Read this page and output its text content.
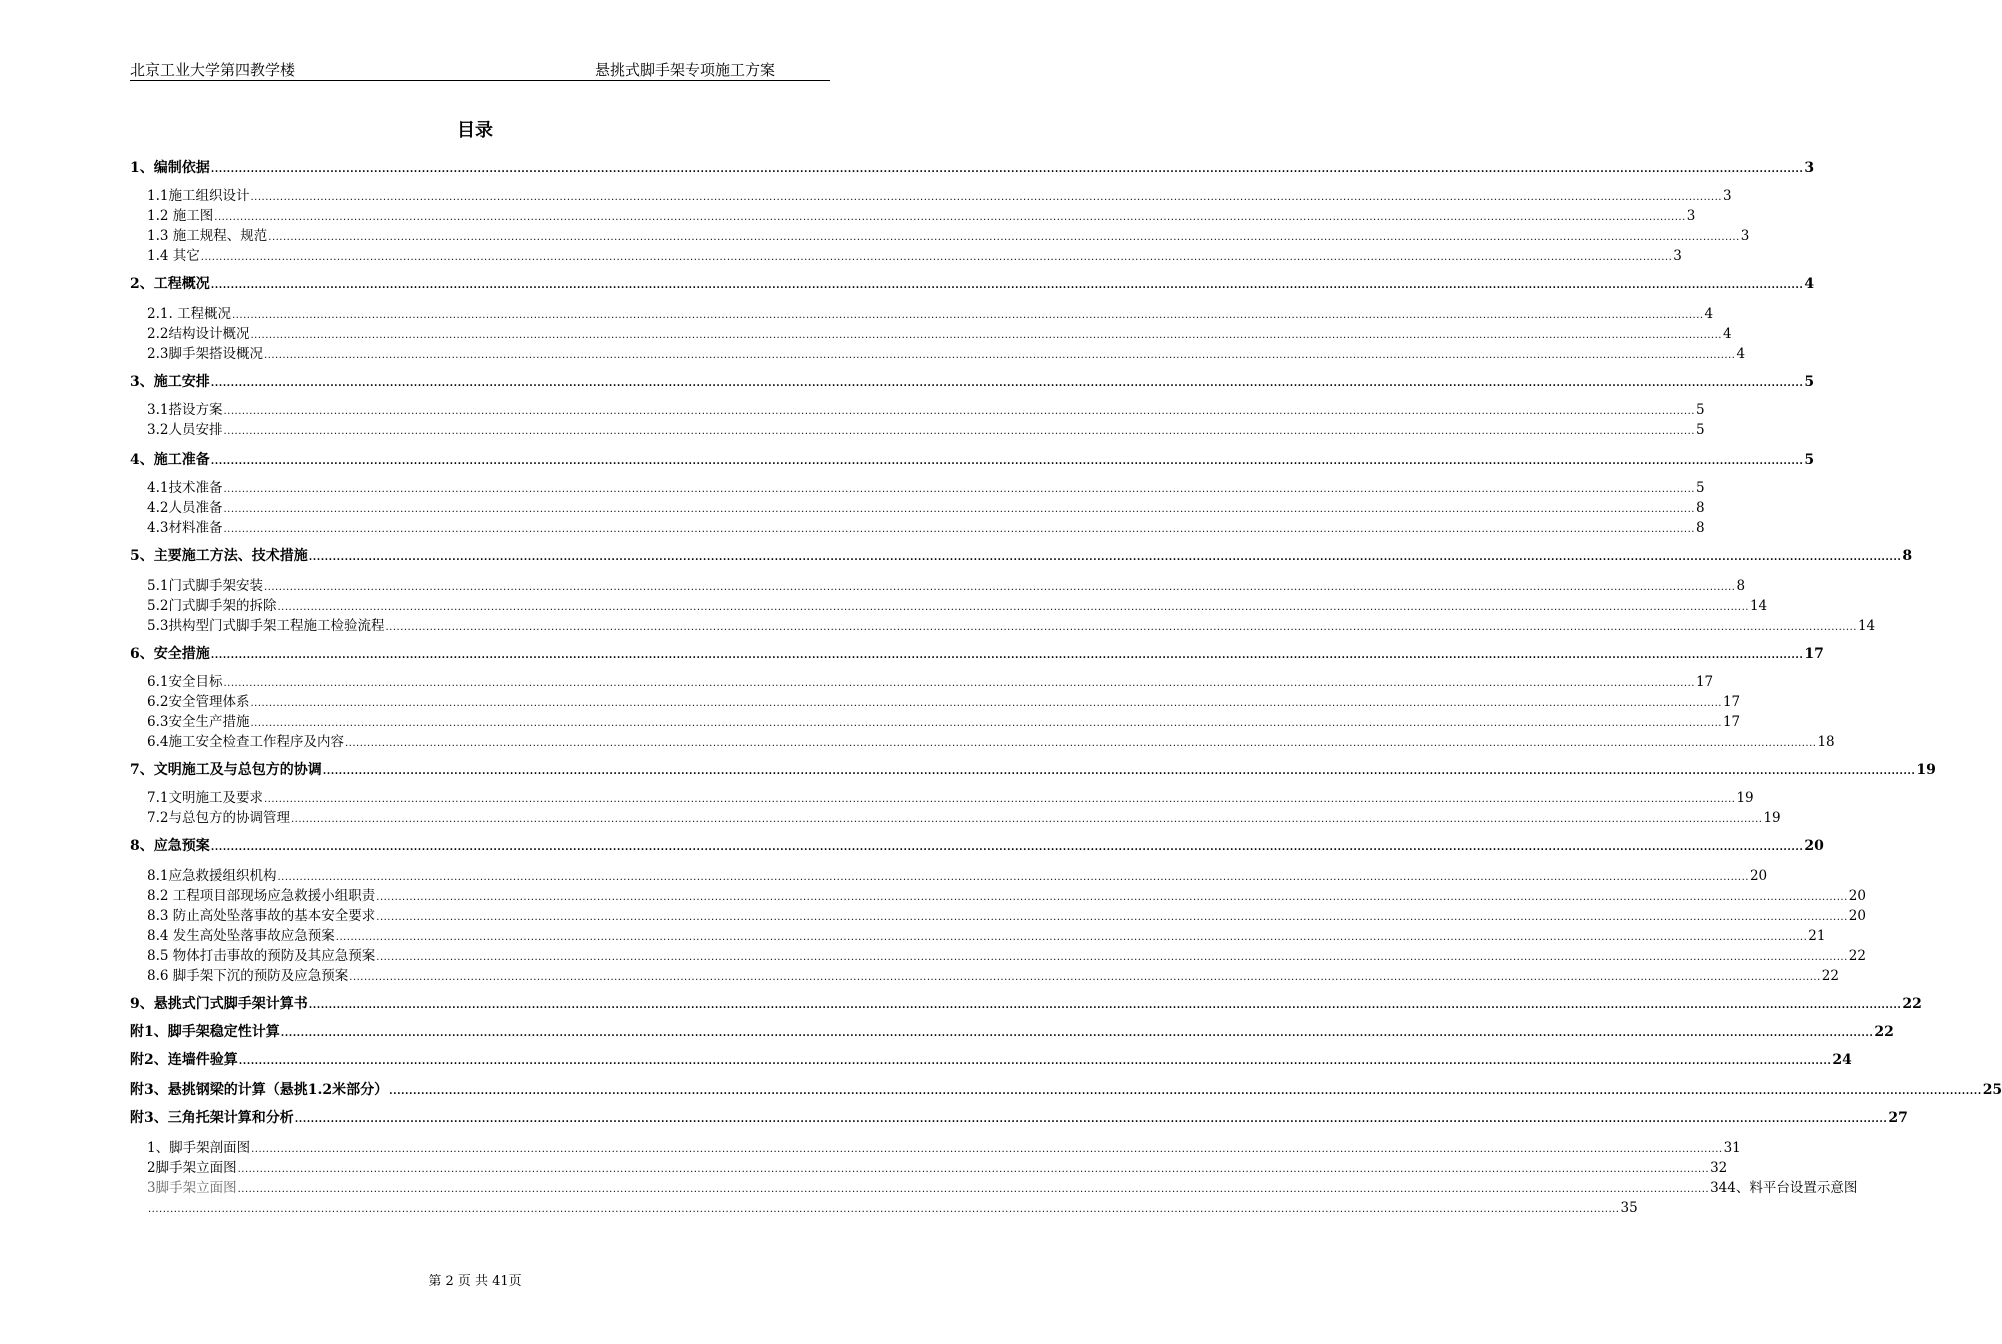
北京工业大学第四教学楼	悬挑式脚手架专项施工方案
目录
1、编制依据 ................................................................................................................................................................................................................................................................................................................................................................................................................ 3
1.1施工组织设计 ................................................................................................................................................................................................................................................................................................................................................................................................................ 3
1.2 施工图 ................................................................................................................................................................................................................................................................................................................................................................................................................ 3
1.3 施工规程、规范 ................................................................................................................................................................................................................................................................................................................................................................................................................ 3
1.4 其它 ................................................................................................................................................................................................................................................................................................................................................................................................................ 3
2、工程概况 ................................................................................................................................................................................................................................................................................................................................................................................................................ 4
2.1. 工程概况 ................................................................................................................................................................................................................................................................................................................................................................................................................ 4
2.2结构设计概况 ................................................................................................................................................................................................................................................................................................................................................................................................................ 4
2.3脚手架搭设概况 ................................................................................................................................................................................................................................................................................................................................................................................................................ 4
3、施工安排 ................................................................................................................................................................................................................................................................................................................................................................................................................ 5
3.1搭设方案 ................................................................................................................................................................................................................................................................................................................................................................................................................ 5
3.2人员安排 ................................................................................................................................................................................................................................................................................................................................................................................................................ 5
4、施工准备 ................................................................................................................................................................................................................................................................................................................................................................................................................ 5
4.1技术准备 ................................................................................................................................................................................................................................................................................................................................................................................................................ 5
4.2人员准备 ................................................................................................................................................................................................................................................................................................................................................................................................................ 8
4.3材料准备 ................................................................................................................................................................................................................................................................................................................................................................................................................ 8
5、主要施工方法、技术措施 ................................................................................................................................................................................................................................................................................................................................................................................................................ 8
5.1门式脚手架安装 ................................................................................................................................................................................................................................................................................................................................................................................................................ 8
5.2门式脚手架的拆除 ................................................................................................................................................................................................................................................................................................................................................................................................................ 14
5.3拱构型门式脚手架工程施工检验流程 ................................................................................................................................................................................................................................................................................................................................................................................................................ 14
6、安全措施 ................................................................................................................................................................................................................................................................................................................................................................................................................ 17
6.1安全目标 ................................................................................................................................................................................................................................................................................................................................................................................................................ 17
6.2安全管理体系 ................................................................................................................................................................................................................................................................................................................................................................................................................ 17
6.3安全生产措施 ................................................................................................................................................................................................................................................................................................................................................................................................................ 17
6.4施工安全检查工作程序及内容 ................................................................................................................................................................................................................................................................................................................................................................................................................ 18
7、文明施工及与总包方的协调 ................................................................................................................................................................................................................................................................................................................................................................................................................ 19
7.1文明施工及要求 ................................................................................................................................................................................................................................................................................................................................................................................................................ 19
7.2与总包方的协调管理 ................................................................................................................................................................................................................................................................................................................................................................................................................ 19
8、应急预案 ................................................................................................................................................................................................................................................................................................................................................................................................................ 20
8.1应急救援组织机构 ................................................................................................................................................................................................................................................................................................................................................................................................................ 20
8.2 工程项目部现场应急救援小组职责 ................................................................................................................................................................................................................................................................................................................................................................................................................ 20
8.3 防止高处坠落事故的基本安全要求 ................................................................................................................................................................................................................................................................................................................................................................................................................ 20
8.4 发生高处坠落事故应急预案 ................................................................................................................................................................................................................................................................................................................................................................................................................ 21
8.5 物体打击事故的预防及其应急预案 ................................................................................................................................................................................................................................................................................................................................................................................................................ 22
8.6 脚手架下沉的预防及应急预案 ................................................................................................................................................................................................................................................................................................................................................................................................................ 22
9、悬挑式门式脚手架计算书 ................................................................................................................................................................................................................................................................................................................................................................................................................ 22
附1、脚手架稳定性计算 ................................................................................................................................................................................................................................................................................................................................................................................................................ 22
附2、连墙件验算 ................................................................................................................................................................................................................................................................................................................................................................................................................ 24
附3、悬挑钢梁的计算（悬挑1.2米部分） ................................................................................................................................................................................................................................................................................................................................................................................................................ 25
附3、三角托架计算和分析 ................................................................................................................................................................................................................................................................................................................................................................................................................ 27
1、脚手架剖面图 ................................................................................................................................................................................................................................................................................................................................................................................................................ 31
2脚手架立面图 ................................................................................................................................................................................................................................................................................................................................................................................................................ 32
3脚手架立面图 ................................................................................................................................................................................................................................................................................................................................................................................................................ 344、料平台设置示意图
................................................................................................................................................................................................................................................................................................................................................................................................................ 35
第 2 页 共 41页
